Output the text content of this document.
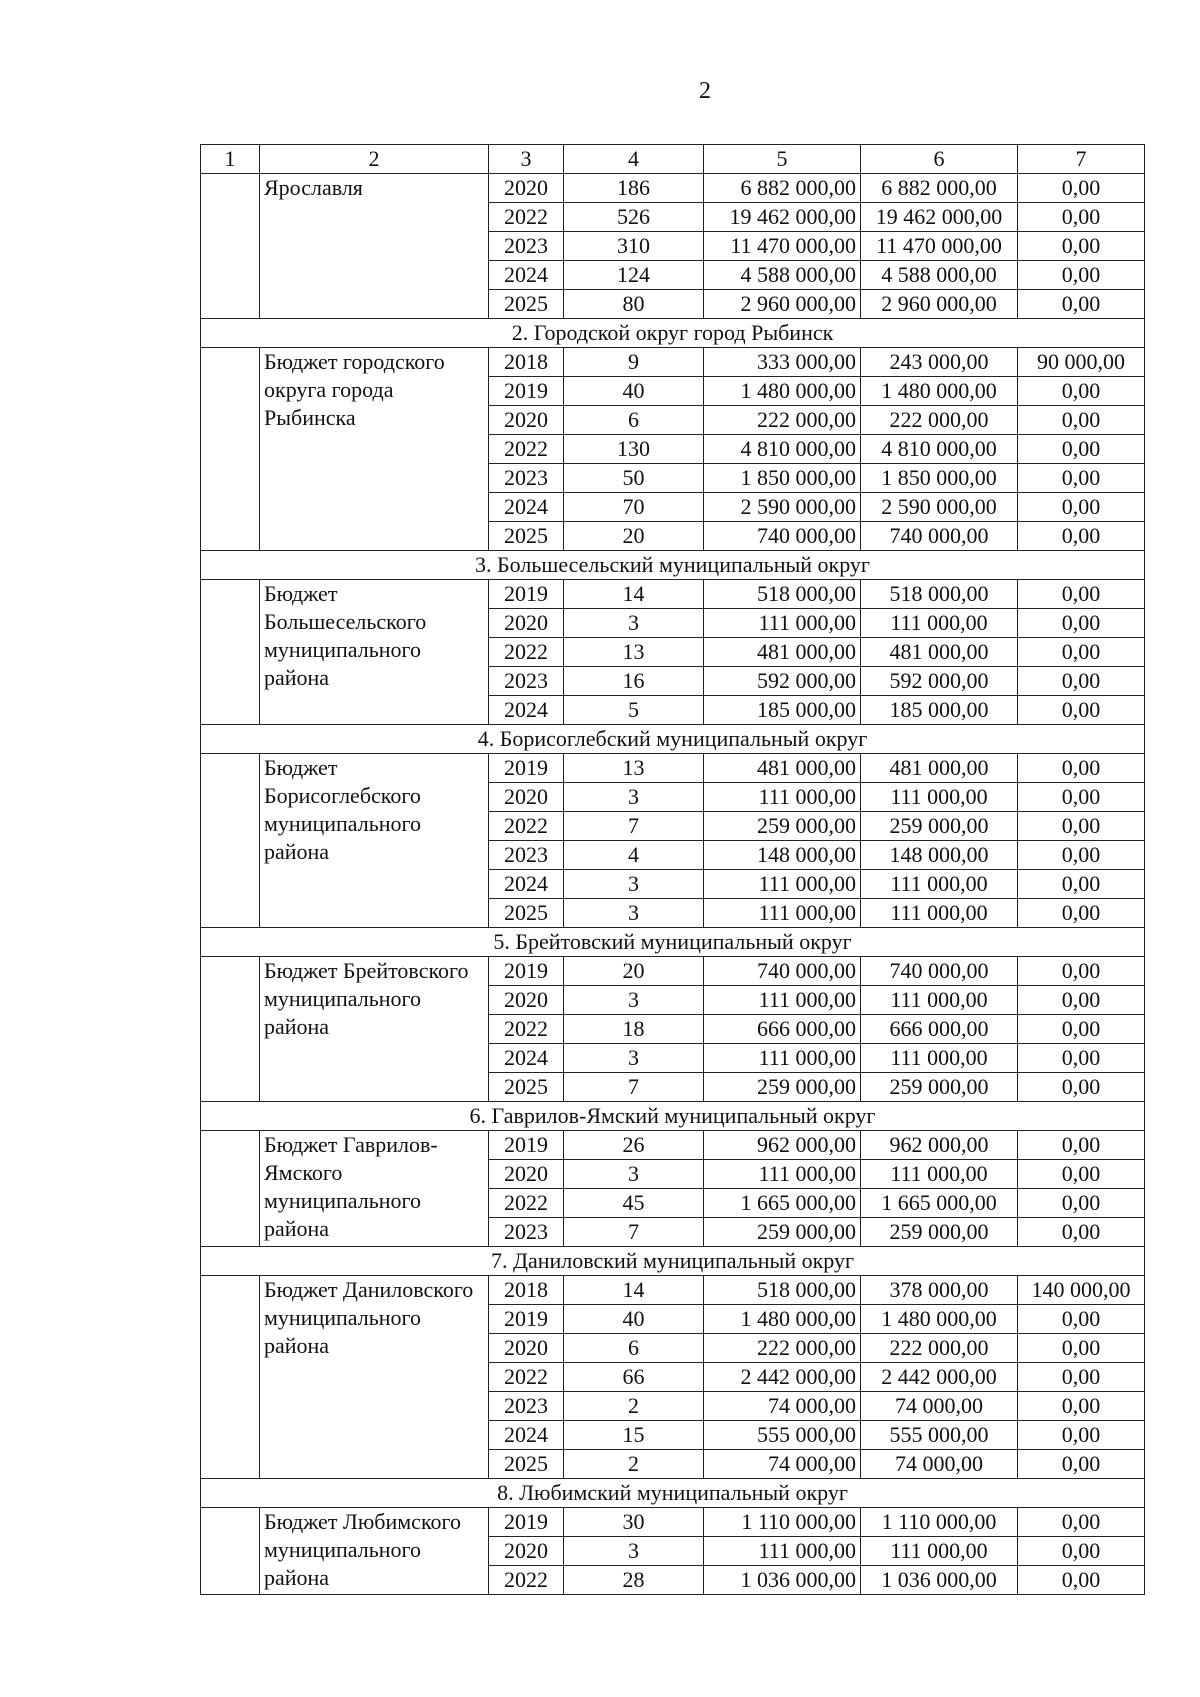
2
1	2	3	4	5	6	7
	Ярославля	2020	186	6 882 000,00	6 882 000,00	0,00
		2022	526	19 462 000,00	19 462 000,00	0,00
		2023	310	11 470 000,00	11 470 000,00	0,00
		2024	124	4 588 000,00	4 588 000,00	0,00
		2025	80	2 960 000,00	2 960 000,00	0,00
2. Городской округ город Рыбинск						
	Бюджет городского округа города Рыбинска	2018	9	333 000,00	243 000,00	90 000,00
		2019	40	1 480 000,00	1 480 000,00	0,00
		2020	6	222 000,00	222 000,00	0,00
		2022	130	4 810 000,00	4 810 000,00	0,00
		2023	50	1 850 000,00	1 850 000,00	0,00
		2024	70	2 590 000,00	2 590 000,00	0,00
		2025	20	740 000,00	740 000,00	0,00
3. Большесельский муниципальный округ						
	Бюджет Большесельского муниципального района	2019	14	518 000,00	518 000,00	0,00
		2020	3	111 000,00	111 000,00	0,00
		2022	13	481 000,00	481 000,00	0,00
		2023	16	592 000,00	592 000,00	0,00
		2024	5	185 000,00	185 000,00	0,00
4. Борисоглебский муниципальный округ						
	Бюджет Борисоглебского муниципального района	2019	13	481 000,00	481 000,00	0,00
		2020	3	111 000,00	111 000,00	0,00
		2022	7	259 000,00	259 000,00	0,00
		2023	4	148 000,00	148 000,00	0,00
		2024	3	111 000,00	111 000,00	0,00
		2025	3	111 000,00	111 000,00	0,00
5. Брейтовский муниципальный округ						
	Бюджет Брейтовского муниципального района	2019	20	740 000,00	740 000,00	0,00
		2020	3	111 000,00	111 000,00	0,00
		2022	18	666 000,00	666 000,00	0,00
		2024	3	111 000,00	111 000,00	0,00
		2025	7	259 000,00	259 000,00	0,00
6. Гаврилов-Ямский муниципальный округ						
	Бюджет Гаврилов-Ямского муниципального района	2019	26	962 000,00	962 000,00	0,00
		2020	3	111 000,00	111 000,00	0,00
		2022	45	1 665 000,00	1 665 000,00	0,00
		2023	7	259 000,00	259 000,00	0,00
7. Даниловский муниципальный округ						
	Бюджет Даниловского муниципального района	2018	14	518 000,00	378 000,00	140 000,00
		2019	40	1 480 000,00	1 480 000,00	0,00
		2020	6	222 000,00	222 000,00	0,00
		2022	66	2 442 000,00	2 442 000,00	0,00
		2023	2	74 000,00	74 000,00	0,00
		2024	15	555 000,00	555 000,00	0,00
		2025	2	74 000,00	74 000,00	0,00
8. Любимский муниципальный округ						
	Бюджет Любимского муниципального района	2019	30	1 110 000,00	1 110 000,00	0,00
		2020	3	111 000,00	111 000,00	0,00
		2022	28	1 036 000,00	1 036 000,00	0,00
